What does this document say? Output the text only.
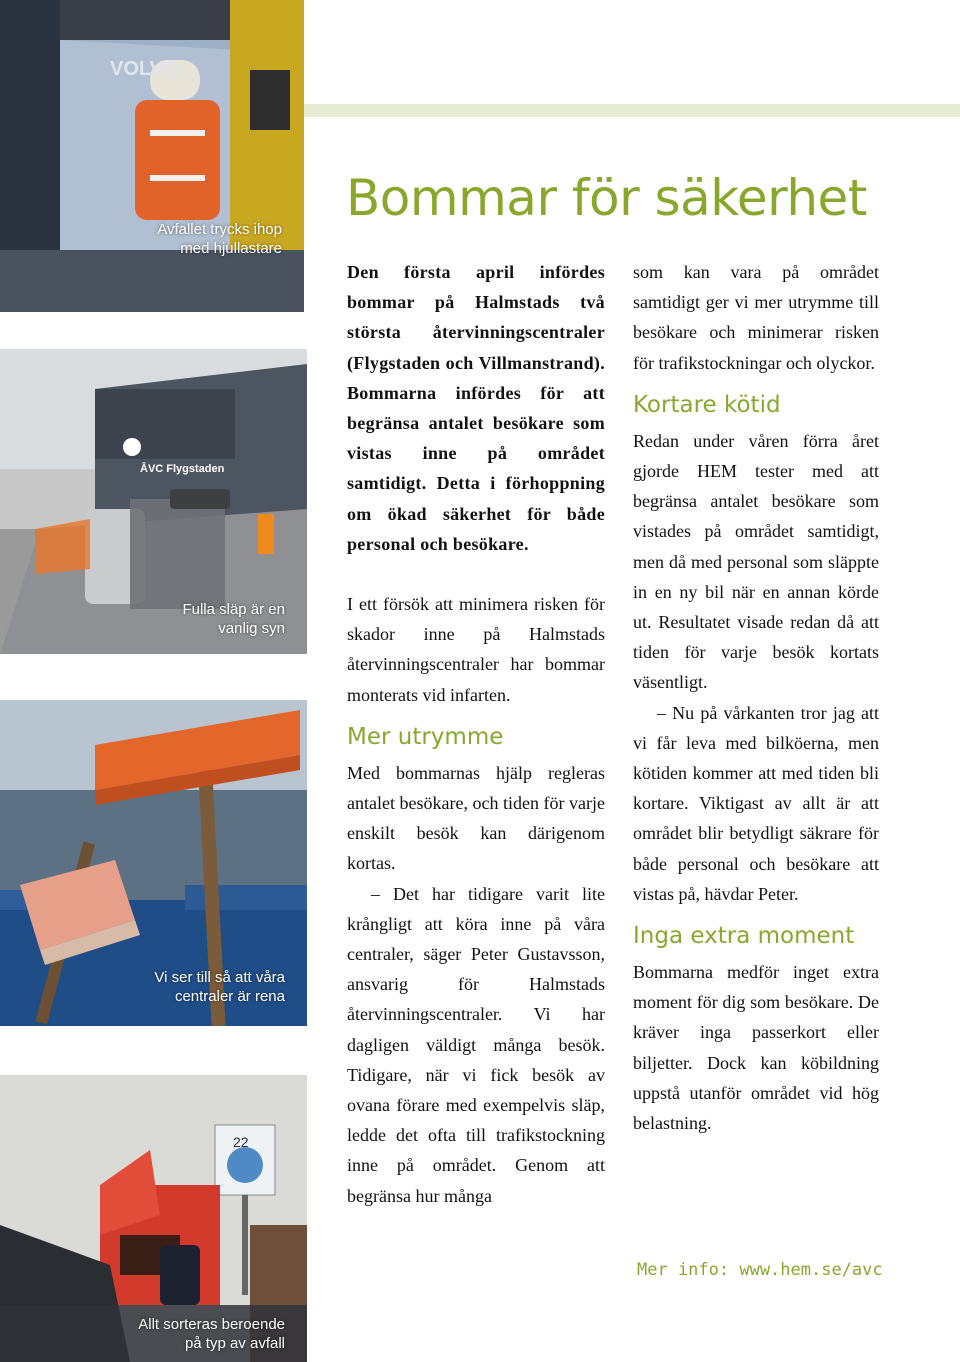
VOLVO
Avfallet trycks ihop
med hjullastare
ÅVC Flygstaden
Fulla släp är en
vanlig syn
Vi ser till så att våra
centraler är rena
22
Allt sorteras beroende
på typ av avfall
Bommar för säkerhet

Den första april infördes bommar på Halmstads två största återvinningscentraler (Flygstaden och Villmanstrand). Bommarna infördes för att begränsa antalet besökare som vistas inne på området samtidigt. Detta i förhoppning om ökad säkerhet för både personal och besökare.

I ett försök att minimera risken för skador inne på Halmstads återvinningscentraler har bommar monterats vid infarten.

Mer utrymme

Med bommarnas hjälp regleras antalet besökare, och tiden för varje enskilt besök kan därigenom kortas.

– Det har tidigare varit lite krångligt att köra inne på våra centraler, säger Peter Gustavsson, ansvarig för Halmstads återvinningscentraler. Vi har dagligen väldigt många besök. Tidigare, när vi fick besök av ovana förare med exempelvis släp, ledde det ofta till trafikstockning inne på området. Genom att begränsa hur många

som kan vara på området samtidigt ger vi mer utrymme till besökare och minimerar risken för trafikstockningar och olyckor.

Kortare kötid

Redan under våren förra året gjorde HEM tester med att begränsa antalet besökare som vistades på området samtidigt, men då med personal som släppte in en ny bil när en annan körde ut. Resultatet visade redan då att tiden för varje besök kortats väsentligt.

– Nu på vårkanten tror jag att vi får leva med bilköerna, men kötiden kommer att med tiden bli kortare. Viktigast av allt är att området blir betydligt säkrare för både personal och besökare att vistas på, hävdar Peter.

Inga extra moment

Bommarna medför inget extra moment för dig som besökare. De kräver inga passerkort eller biljetter. Dock kan köbildning uppstå utanför området vid hög belastning.

Mer info: www.hem.se/avc
